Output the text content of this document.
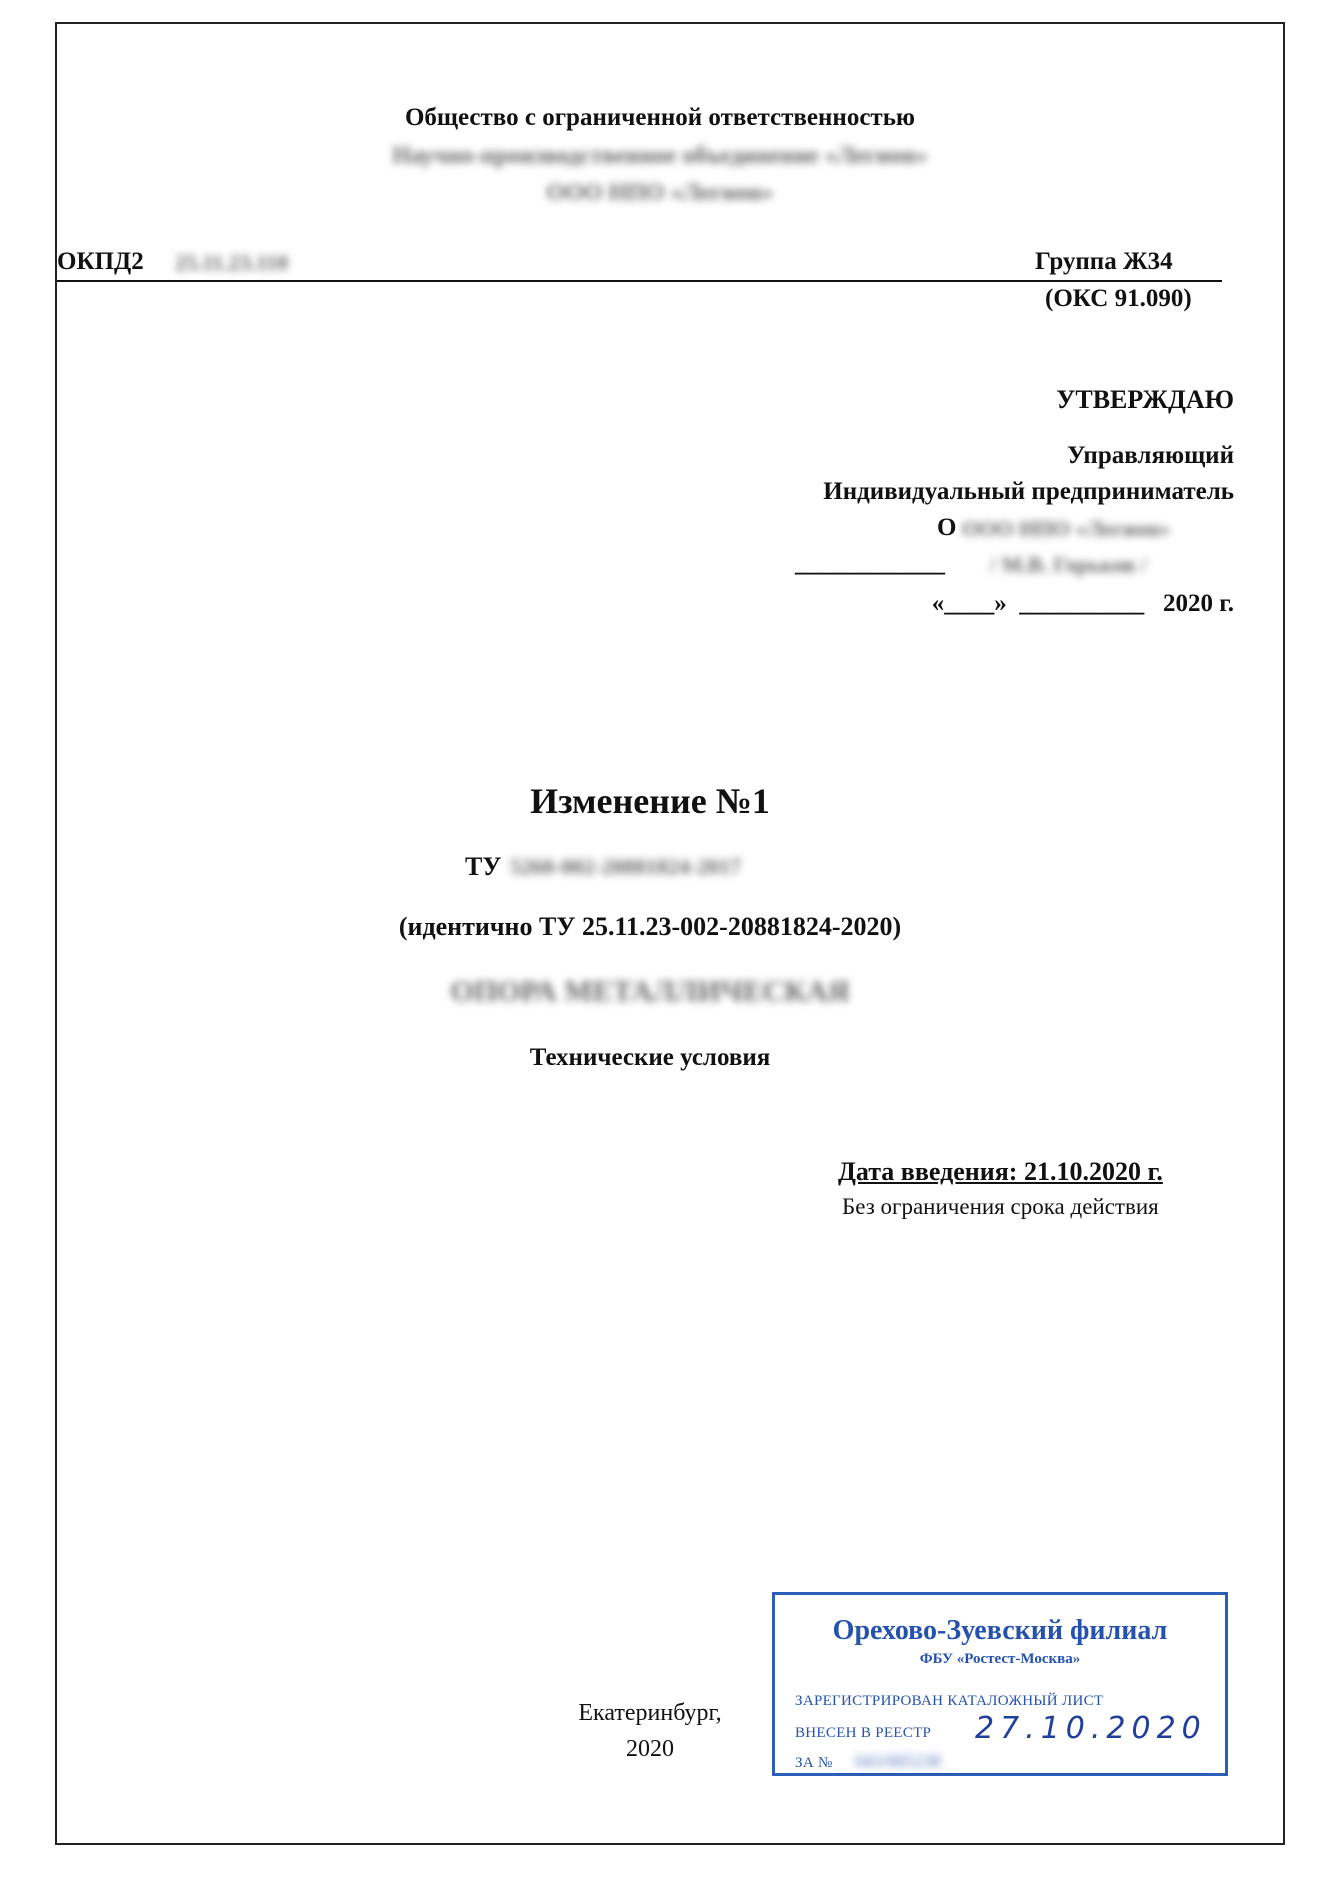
Общество с ограниченной ответственностью
Научно-производственное объединение «Легион»
ООО НПО «Легион»
ОКПД2 25.11.23.110	Группа Ж34
(ОКС 91.090)
УТВЕРЖДАЮ
Управляющий
Индивидуальный предприниматель
О ООО НПО «Легион»
____________ / М.В. Горьков /
«____»  __________   2020 г.
Изменение №1
ТУ 5260-002-20881824-2017
(идентично ТУ 25.11.23-002-20881824-2020)
ОПОРА МЕТАЛЛИЧЕСКАЯ
Технические условия
Дата введения: 21.10.2020 г.
Без ограничения срока действия
Екатеринбург,
2020
Орехово-Зуевский филиал
ФБУ «Ростест-Москва»
ЗАРЕГИСТРИРОВАН КАТАЛОЖНЫЙ ЛИСТ
ВНЕСЕН В РЕЕСТР 27.10.2020
ЗА № 043/005238
